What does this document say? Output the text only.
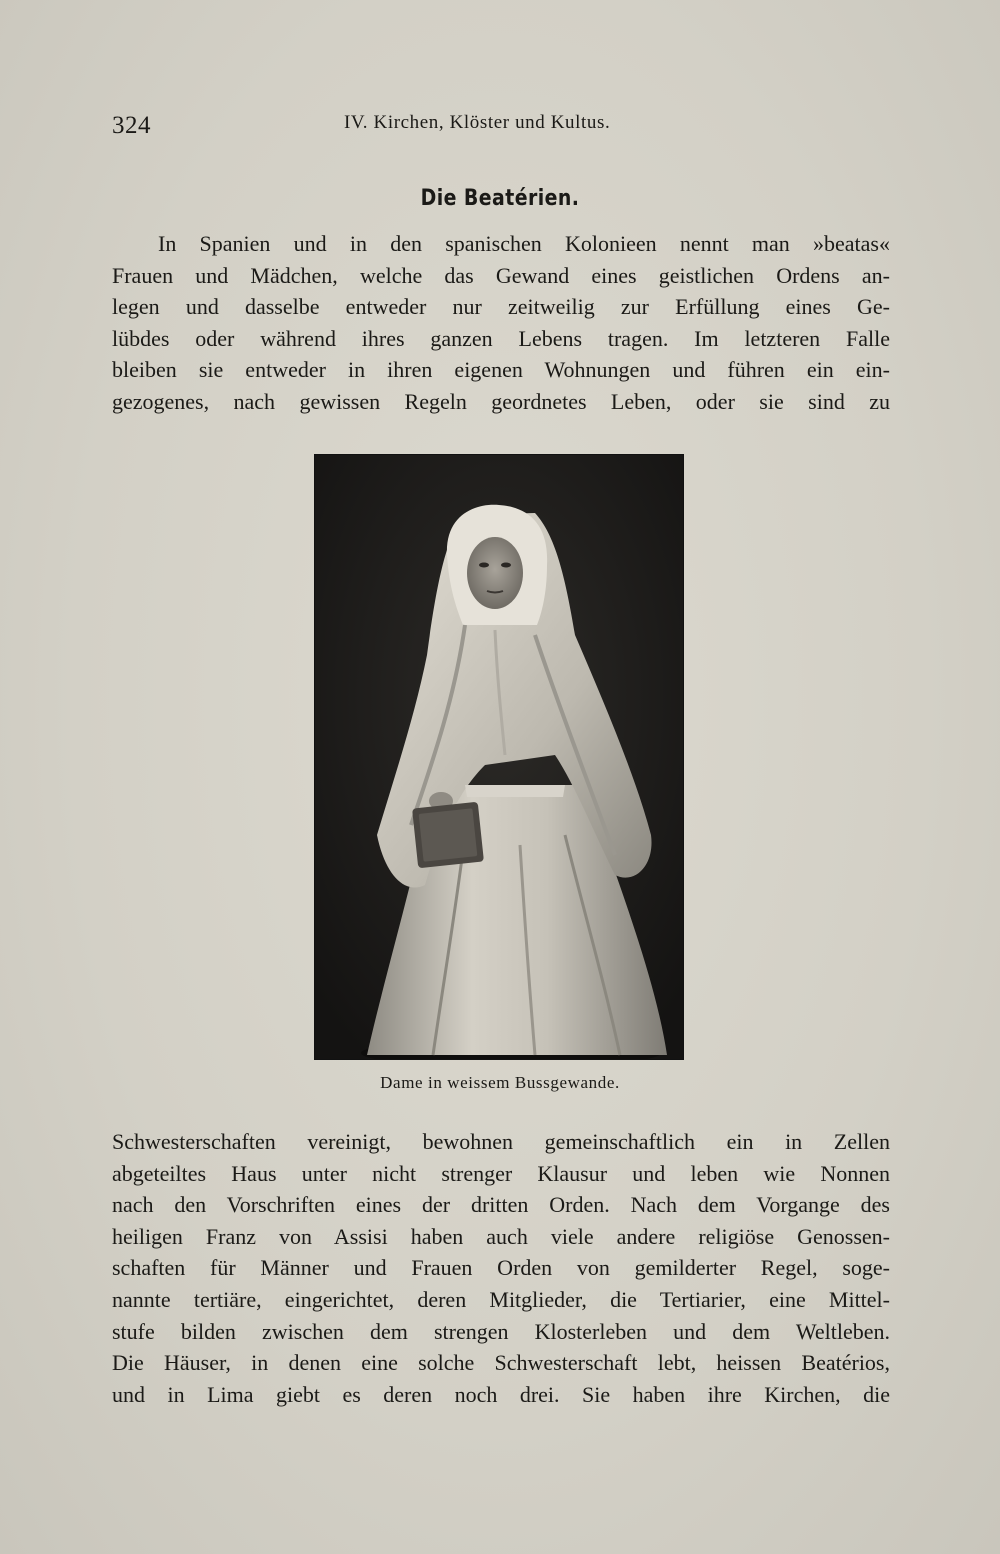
324	IV. Kirchen, Klöster und Kultus.
Die Beatérien.
In Spanien und in den spanischen Kolonieen nennt man »beatas«
Frauen und Mädchen, welche das Gewand eines geistlichen Ordens an-
legen und dasselbe entweder nur zeitweilig zur Erfüllung eines Ge-
lübdes oder während ihres ganzen Lebens tragen. Im letzteren Falle
bleiben sie entweder in ihren eigenen Wohnungen und führen ein ein-
gezogenes, nach gewissen Regeln geordnetes Leben, oder sie sind zu
Dame in weissem Bussgewande.
Schwesterschaften vereinigt, bewohnen gemeinschaftlich ein in Zellen
abgeteiltes Haus unter nicht strenger Klausur und leben wie Nonnen
nach den Vorschriften eines der dritten Orden. Nach dem Vorgange des
heiligen Franz von Assisi haben auch viele andere religiöse Genossen-
schaften für Männer und Frauen Orden von gemilderter Regel, soge-
nannte tertiäre, eingerichtet, deren Mitglieder, die Tertiarier, eine Mittel-
stufe bilden zwischen dem strengen Klosterleben und dem Weltleben.
Die Häuser, in denen eine solche Schwesterschaft lebt, heissen Beatérios,
und in Lima giebt es deren noch drei. Sie haben ihre Kirchen, die
